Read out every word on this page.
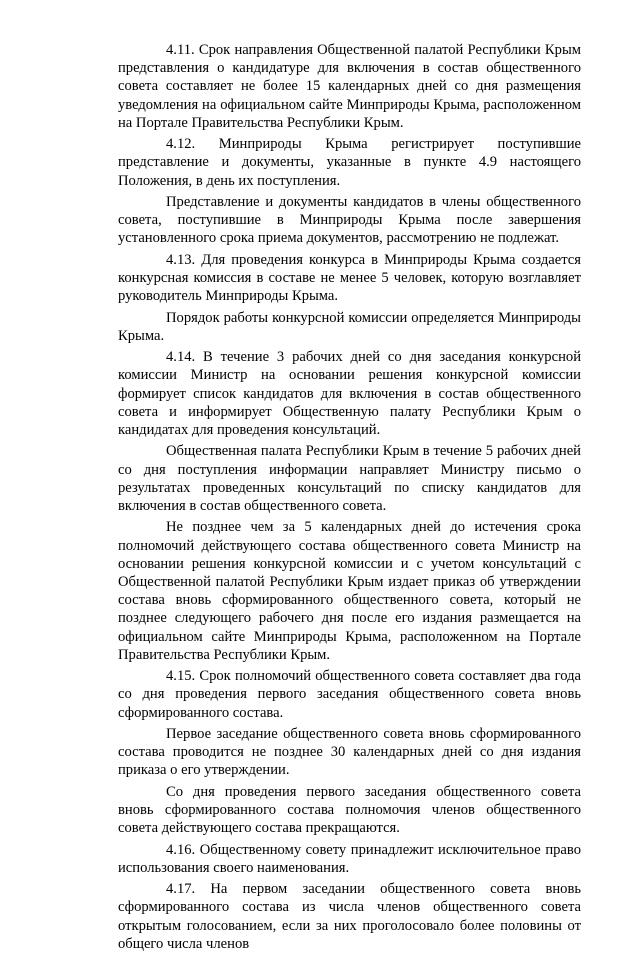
4.11. Срок направления Общественной палатой Республики Крым представления о кандидатуре для включения в состав общественного совета составляет не более 15 календарных дней со дня размещения уведомления на официальном сайте Минприроды Крыма, расположенном на Портале Правительства Республики Крым.

4.12. Минприроды Крыма регистрирует поступившие представление и документы, указанные в пункте 4.9 настоящего Положения, в день их поступления.

Представление и документы кандидатов в члены общественного совета, поступившие в Минприроды Крыма после завершения установленного срока приема документов, рассмотрению не подлежат.

4.13. Для проведения конкурса в Минприроды Крыма создается конкурсная комиссия в составе не менее 5 человек, которую возглавляет руководитель Минприроды Крыма.

Порядок работы конкурсной комиссии определяется Минприроды Крыма.

4.14. В течение 3 рабочих дней со дня заседания конкурсной комиссии Министр на основании решения конкурсной комиссии формирует список кандидатов для включения в состав общественного совета и информирует Общественную палату Республики Крым о кандидатах для проведения консультаций.

Общественная палата Республики Крым в течение 5 рабочих дней со дня поступления информации направляет Министру письмо о результатах проведенных консультаций по списку кандидатов для включения в состав общественного совета.

Не позднее чем за 5 календарных дней до истечения срока полномочий действующего состава общественного совета Министр на основании решения конкурсной комиссии и с учетом консультаций с Общественной палатой Республики Крым издает приказ об утверждении состава вновь сформированного общественного совета, который не позднее следующего рабочего дня после его издания размещается на официальном сайте Минприроды Крыма, расположенном на Портале Правительства Республики Крым.

4.15. Срок полномочий общественного совета составляет два года со дня проведения первого заседания общественного совета вновь сформированного состава.

Первое заседание общественного совета вновь сформированного состава проводится не позднее 30 календарных дней со дня издания приказа о его утверждении.

Со дня проведения первого заседания общественного совета вновь сформированного состава полномочия членов общественного совета действующего состава прекращаются.

4.16. Общественному совету принадлежит исключительное право использования своего наименования.

4.17. На первом заседании общественного совета вновь сформированного состава из числа членов общественного совета открытым голосованием, если за них проголосовало более половины от общего числа членов
